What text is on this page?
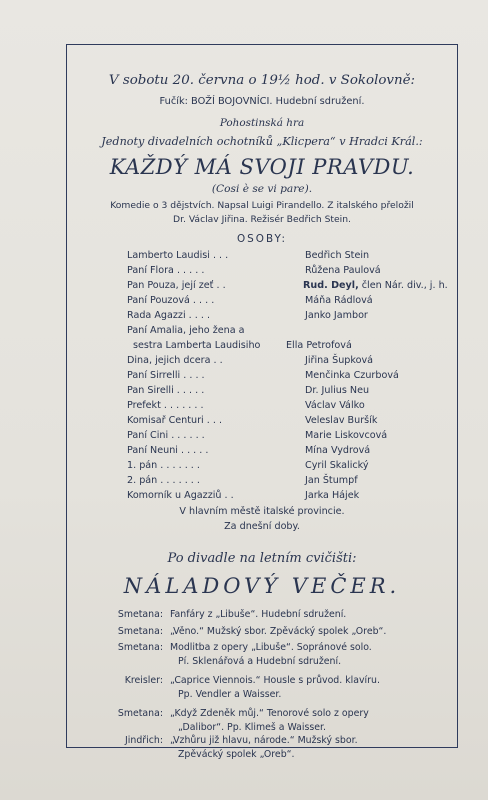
V sobotu 20. června o 19½ hod. v Sokolovně:
Fučík: BOŽÍ BOJOVNÍCI. Hudební sdružení.
Pohostinská hra
Jednoty divadelních ochotníků „Klicpera“ v Hradci Král.:
KAŽDÝ MÁ SVOJI PRAVDU.
(Cosi è se vi pare).
Komedie o 3 dějstvích. Napsal Luigi Pirandello. Z italského přeložil
Dr. Václav Jiřina. Režisér Bedřich Stein.
OSOBY:
Lamberto Laudisi . . .	Bedřich Stein
Paní Flora . . . . .	Růžena Paulová
Pan Pouza, její zeť . .	Rud. Deyl, člen Nár. div., j. h.
Paní Pouzová . . . .	Máňa Rádlová
Rada Agazzi . . . .	Janko Jambor
Paní Amalia, jeho žena a
sestra Lamberta Laudisiho	Ella Petrofová
Dina, jejich dcera . .	Jiřina Šupková
Paní Sirrelli . . . .	Menčinka Czurbová
Pan Sirelli . . . . .	Dr. Julius Neu
Prefekt . . . . . . .	Václav Válko
Komisař Centuri . . .	Veleslav Buršík
Paní Cini . . . . . .	Marie Liskovcová
Paní Neuni . . . . .	Mína Vydrová
1. pán . . . . . . .	Cyril Skalický
2. pán . . . . . . .	Jan Štumpf
Komorník u Agazziů . .	Jarka Hájek
V hlavním městě italské provincie.
Za dnešní doby.
Po divadle na letním cvičišti:
NÁLADOVÝ VEČER.
Smetana: Fanfáry z „Libuše“. Hudební sdružení.
Smetana: „Věno.“ Mužský sbor. Zpěvácký spolek „Oreb“.
Smetana: Modlitba z opery „Libuše“. Sopránové solo.
Pí. Sklenářová a Hudební sdružení.
Kreisler: „Caprice Viennois.“ Housle s průvod. klavíru.
Pp. Vendler a Waisser.
Smetana: „Když Zdeněk můj.“ Tenorové solo z opery
„Dalibor“. Pp. Klimeš a Waisser.
Jindřich: „Vzhůru již hlavu, národe.“ Mužský sbor.
Zpěvácký spolek „Oreb“.
